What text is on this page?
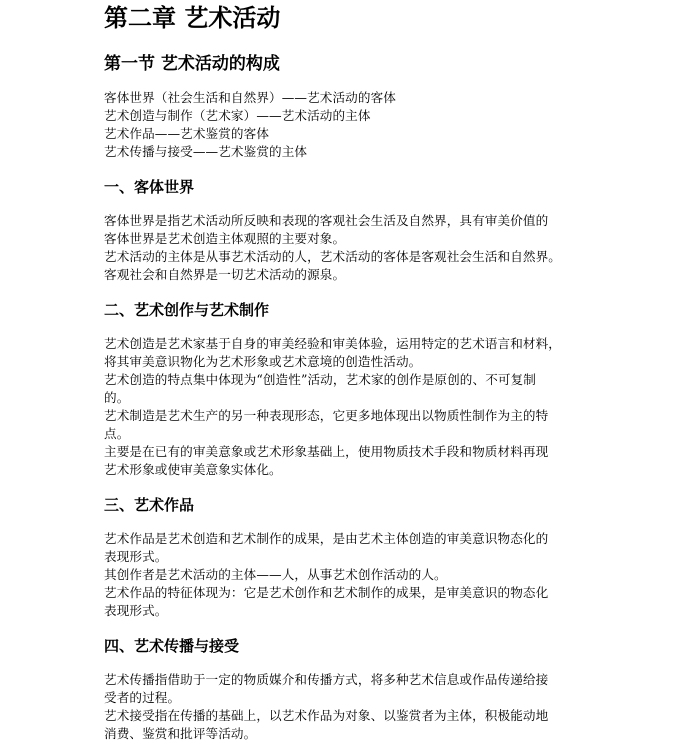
第二章 艺术活动
第一节 艺术活动的构成
客体世界（社会生活和自然界）——艺术活动的客体
艺术创造与制作（艺术家）——艺术活动的主体
艺术作品——艺术鉴赏的客体
艺术传播与接受——艺术鉴赏的主体
一、客体世界
客体世界是指艺术活动所反映和表现的客观社会生活及自然界，具有审美价值的
客体世界是艺术创造主体观照的主要对象。
艺术活动的主体是从事艺术活动的人，艺术活动的客体是客观社会生活和自然界。
客观社会和自然界是一切艺术活动的源泉。
二、艺术创作与艺术制作
艺术创造是艺术家基于自身的审美经验和审美体验，运用特定的艺术语言和材料，
将其审美意识物化为艺术形象或艺术意境的创造性活动。
艺术创造的特点集中体现为“创造性”活动，艺术家的创作是原创的、不可复制
的。
艺术制造是艺术生产的另一种表现形态，它更多地体现出以物质性制作为主的特
点。
主要是在已有的审美意象或艺术形象基础上，使用物质技术手段和物质材料再现
艺术形象或使审美意象实体化。
三、艺术作品
艺术作品是艺术创造和艺术制作的成果，是由艺术主体创造的审美意识物态化的
表现形式。
其创作者是艺术活动的主体——人，从事艺术创作活动的人。
艺术作品的特征体现为：它是艺术创作和艺术制作的成果，是审美意识的物态化
表现形式。
四、艺术传播与接受
艺术传播指借助于一定的物质媒介和传播方式，将多种艺术信息或作品传递给接
受者的过程。
艺术接受指在传播的基础上，以艺术作品为对象、以鉴赏者为主体，积极能动地
消费、鉴赏和批评等活动。
